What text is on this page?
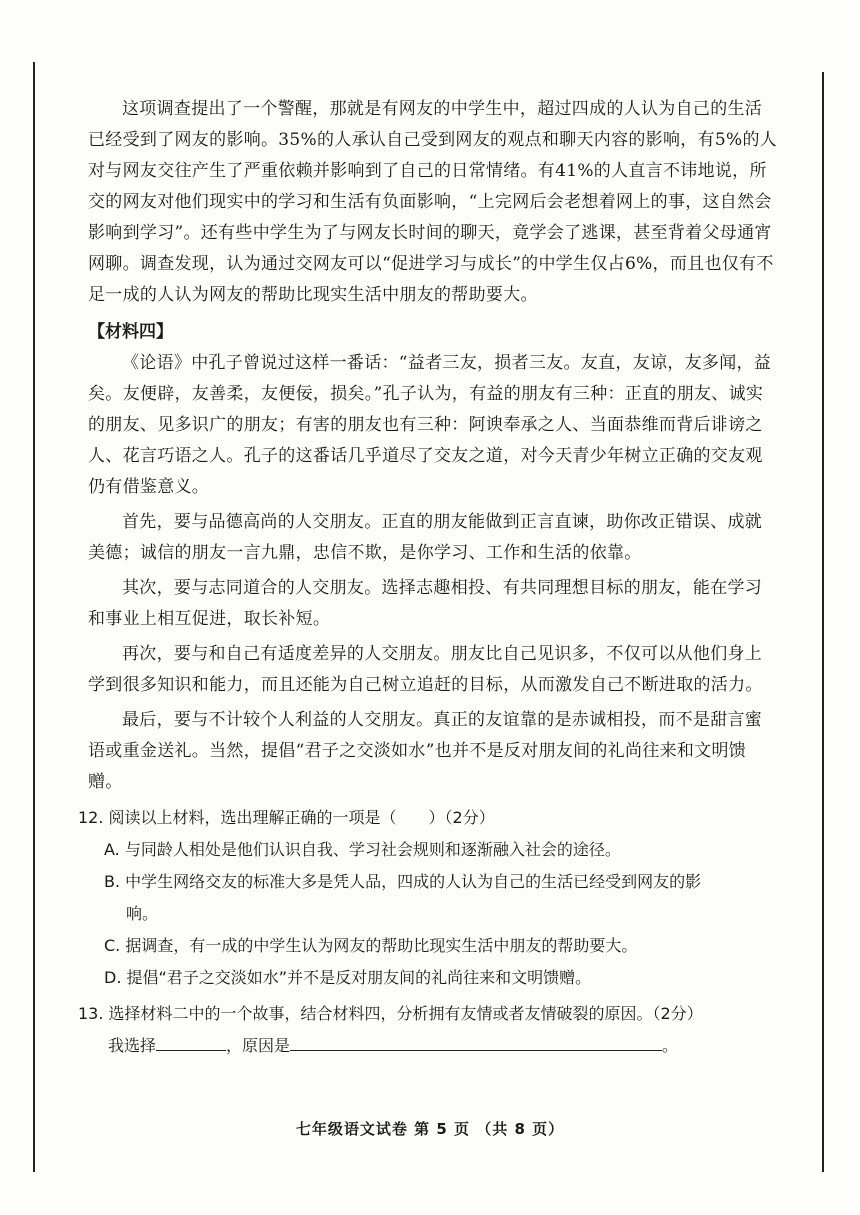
这项调查提出了一个警醒，那就是有网友的中学生中，超过四成的人认为自己的生活已经受到了网友的影响。35%的人承认自己受到网友的观点和聊天内容的影响，有5%的人对与网友交往产生了严重依赖并影响到了自己的日常情绪。有41%的人直言不讳地说，所交的网友对他们现实中的学习和生活有负面影响，“上完网后会老想着网上的事，这自然会影响到学习”。还有些中学生为了与网友长时间的聊天，竟学会了逃课，甚至背着父母通宵网聊。调查发现，认为通过交网友可以“促进学习与成长”的中学生仅占6%，而且也仅有不足一成的人认为网友的帮助比现实生活中朋友的帮助要大。

【材料四】

《论语》中孔子曾说过这样一番话：“益者三友，损者三友。友直，友谅，友多闻，益矣。友便辟，友善柔，友便佞，损矣。”孔子认为，有益的朋友有三种：正直的朋友、诚实的朋友、见多识广的朋友；有害的朋友也有三种：阿谀奉承之人、当面恭维而背后诽谤之人、花言巧语之人。孔子的这番话几乎道尽了交友之道，对今天青少年树立正确的交友观仍有借鉴意义。

首先，要与品德高尚的人交朋友。正直的朋友能做到正言直谏，助你改正错误、成就美德；诚信的朋友一言九鼎，忠信不欺，是你学习、工作和生活的依靠。

其次，要与志同道合的人交朋友。选择志趣相投、有共同理想目标的朋友，能在学习和事业上相互促进，取长补短。

再次，要与和自己有适度差异的人交朋友。朋友比自己见识多，不仅可以从他们身上学到很多知识和能力，而且还能为自己树立追赶的目标，从而激发自己不断进取的活力。

最后，要与不计较个人利益的人交朋友。真正的友谊靠的是赤诚相投，而不是甜言蜜语或重金送礼。当然，提倡“君子之交淡如水”也并不是反对朋友间的礼尚往来和文明馈赠。

12. 阅读以上材料，选出理解正确的一项是（　　）（2分）
A. 与同龄人相处是他们认识自我、学习社会规则和逐渐融入社会的途径。
B. 中学生网络交友的标准大多是凭人品，四成的人认为自己的生活已经受到网友的影
响。
C. 据调查，有一成的中学生认为网友的帮助比现实生活中朋友的帮助要大。
D. 提倡“君子之交淡如水”并不是反对朋友间的礼尚往来和文明馈赠。
13. 选择材料二中的一个故事，结合材料四，分析拥有友情或者友情破裂的原因。（2分）
我选择	，原因是	。
七年级语文试卷 第 5 页 （共 8 页）
